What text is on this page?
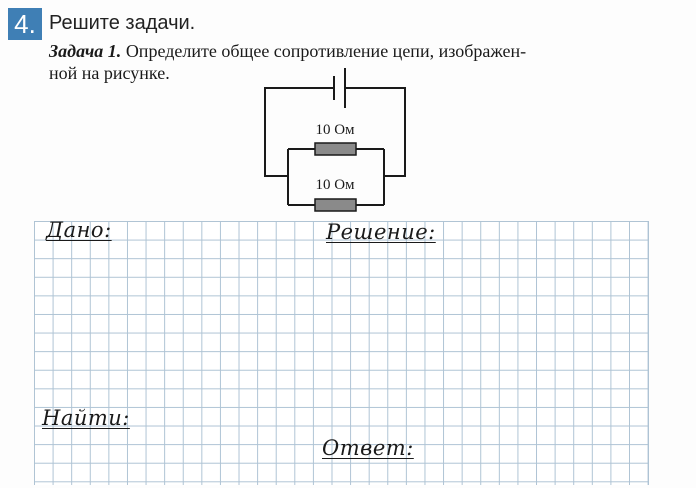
4. Решите задачи.
Задача 1. Определите общее сопротивление цепи, изображен-
ной на рисунке.
10 Ом
10 Ом
Дано:	Решение:
Найти:
Ответ:
